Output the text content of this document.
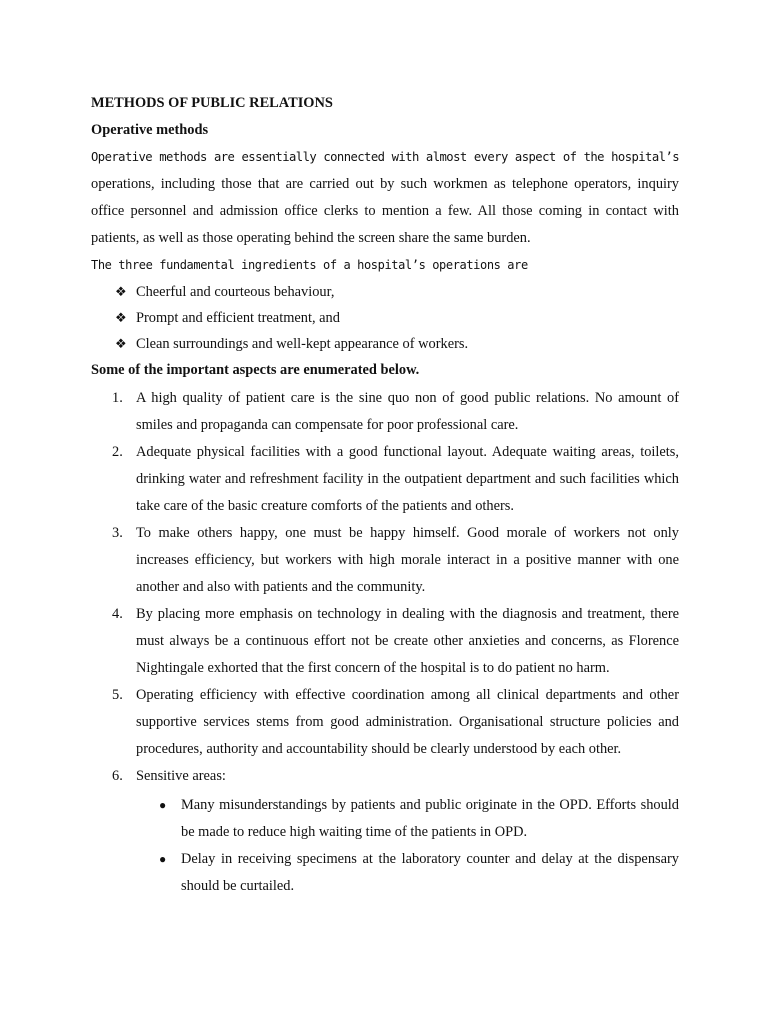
METHODS OF PUBLIC RELATIONS
Operative methods

Operative methods are essentially connected with almost every aspect of the hospital’s

operations, including those that are carried out by such workmen as telephone operators, inquiry office personnel and admission office clerks to mention a few. All those coming in contact with patients, as well as those operating behind the screen share the same burden.

The three fundamental ingredients of a hospital’s operations are

❖ Cheerful and courteous behaviour,
❖ Prompt and efficient treatment, and
❖ Clean surroundings and well-kept appearance of workers.
Some of the important aspects are enumerated below.
1. A high quality of patient care is the sine quo non of good public relations. No amount of smiles and propaganda can compensate for poor professional care.
2. Adequate physical facilities with a good functional layout. Adequate waiting areas, toilets, drinking water and refreshment facility in the outpatient department and such facilities which take care of the basic creature comforts of the patients and others.
3. To make others happy, one must be happy himself. Good morale of workers not only increases efficiency, but workers with high morale interact in a positive manner with one another and also with patients and the community.
4. By placing more emphasis on technology in dealing with the diagnosis and treatment, there must always be a continuous effort not be create other anxieties and concerns, as Florence Nightingale exhorted that the first concern of the hospital is to do patient no harm.
5. Operating efficiency with effective coordination among all clinical departments and other supportive services stems from good administration. Organisational structure policies and procedures, authority and accountability should be clearly understood by each other.
6. Sensitive areas:
● Many misunderstandings by patients and public originate in the OPD. Efforts should be made to reduce high waiting time of the patients in OPD.
● Delay in receiving specimens at the laboratory counter and delay at the dispensary should be curtailed.
